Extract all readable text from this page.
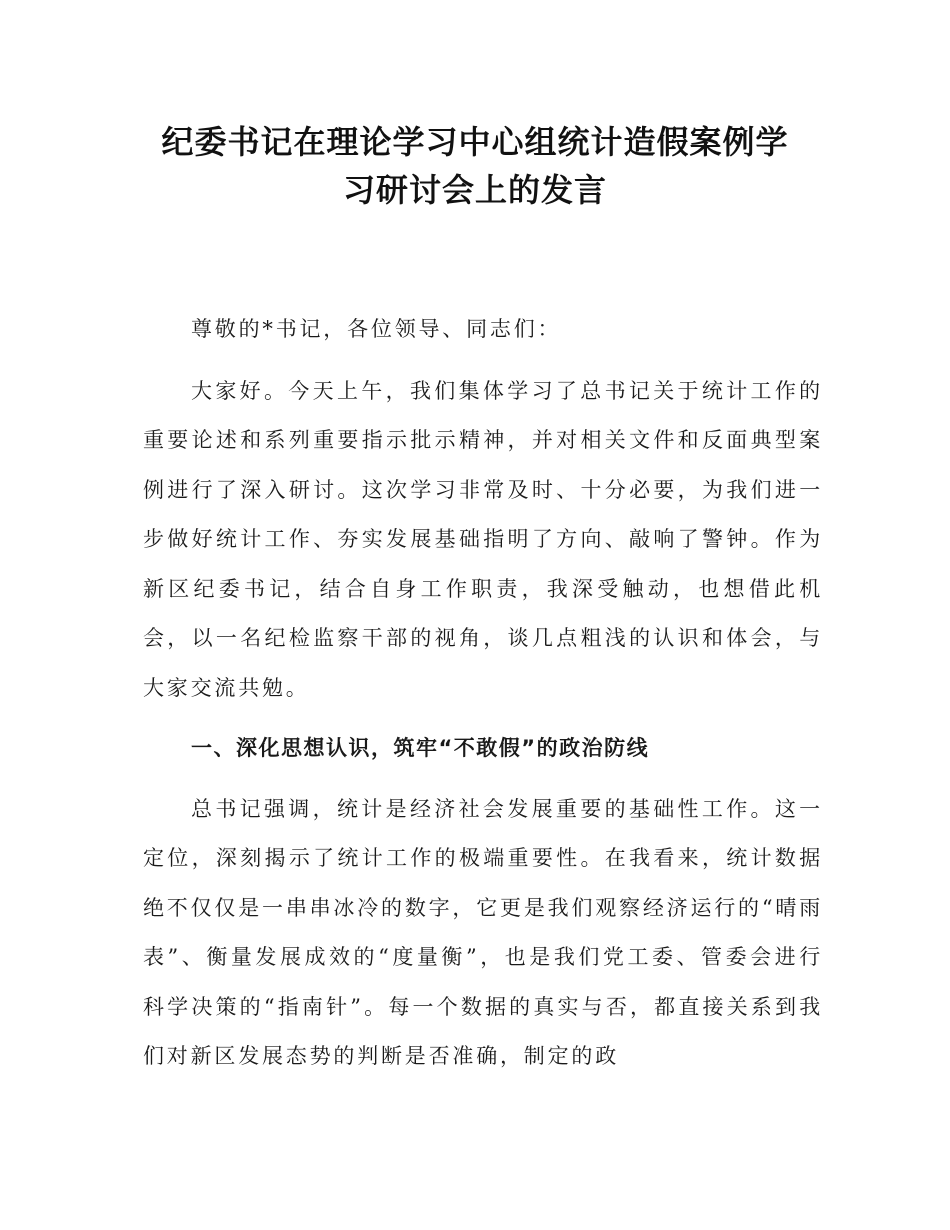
纪委书记在理论学习中心组统计造假案例学
习研讨会上的发言

尊敬的*书记，各位领导、同志们：

大家好。今天上午，我们集体学习了总书记关于统计工作的重要论述和系列重要指示批示精神，并对相关文件和反面典型案例进行了深入研讨。这次学习非常及时、十分必要，为我们进一步做好统计工作、夯实发展基础指明了方向、敲响了警钟。作为新区纪委书记，结合自身工作职责，我深受触动，也想借此机会，以一名纪检监察干部的视角，谈几点粗浅的认识和体会，与大家交流共勉。

一、深化思想认识，筑牢“不敢假”的政治防线

总书记强调，统计是经济社会发展重要的基础性工作。这一定位，深刻揭示了统计工作的极端重要性。在我看来，统计数据绝不仅仅是一串串冰冷的数字，它更是我们观察经济运行的“晴雨表”、衡量发展成效的“度量衡”，也是我们党工委、管委会进行科学决策的“指南针”。每一个数据的真实与否，都直接关系到我们对新区发展态势的判断是否准确，制定的政
